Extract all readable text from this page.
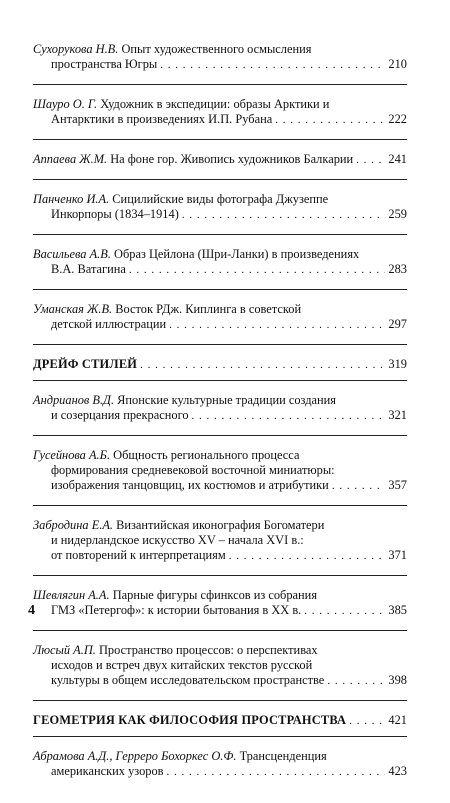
Сухорукова Н.В. Опыт художественного осмысления
пространства Югры . . .	210
Шауро О. Г. Художник в экспедиции: образы Арктики и
Антарктики в произведениях И.П. Рубана . . .	222
Аппаева Ж.М.
На фоне гор. Живопись художников Балкарии . . .	241
Панченко И.А. Сицилийские виды фотографа Джузеппе
Инкорпоры (1834–1914) . . .	259
Васильева А.В. Образ Цейлона (Шри-Ланки) в произведениях
В.А. Ватагина . . .	283
Уманская Ж.В. Восток РДж. Киплинга в советской
детской иллюстрации . . .	297
ДРЕЙФ СТИЛЕЙ . . .	319
Андрианов В.Д. Японские культурные традиции создания
и созерцания прекрасного . . .	321
Гусейнова А.Б. Общность регионального процесса
формирования средневековой восточной миниатюры:
изображения танцовщиц, их костюмов и атрибутики . . .	357
Забродина Е.А. Византийская иконография Богоматери
и нидерландское искусство XV – начала XVI в.:
от повторений к интерпретациям . . .	371
Шевлягин А.А. Парные фигуры сфинксов из собрания
ГМЗ «Петергоф»: к истории бытования в XX в. . . .	385
Люсый А.П. Пространство процессов: о перспективах
исходов и встреч двух китайских текстов русской
культуры в общем исследовательском пространстве . . .	398
ГЕОМЕТРИЯ КАК ФИЛОСОФИЯ ПРОСТРАНСТВА . . .	421
Абрамова А.Д., Герреро Бохоркес О.Ф. Трансценденция
американских узоров . . .	423
4
